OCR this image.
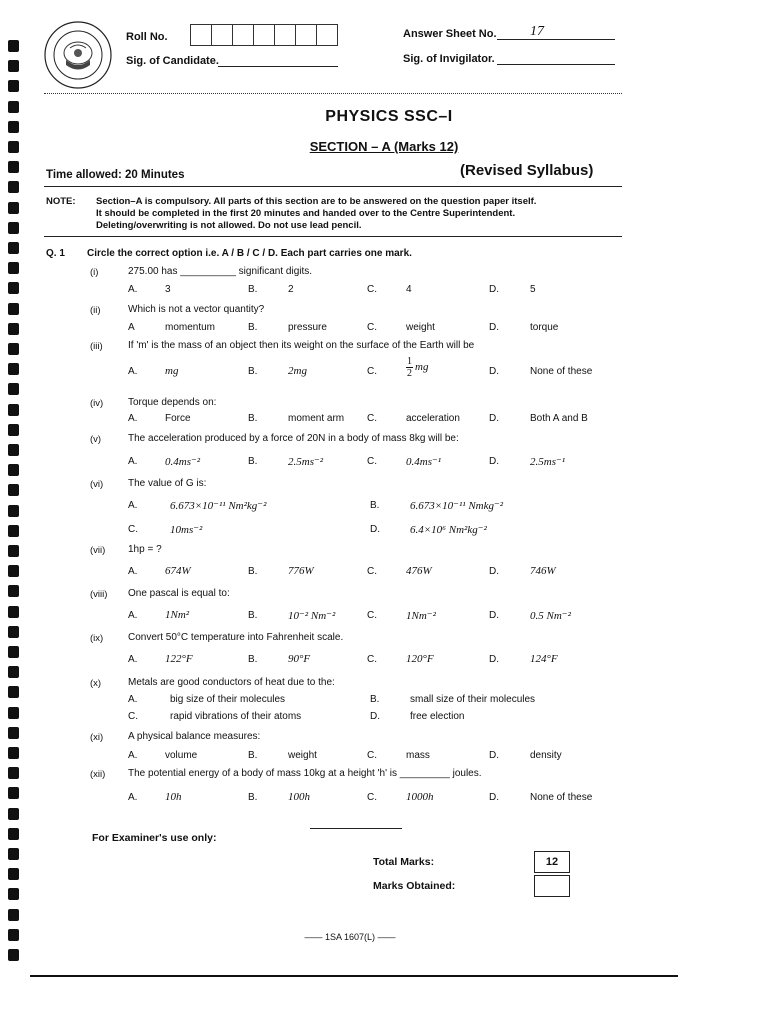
Roll No.
Sig. of Candidate.
Answer Sheet No. 17
Sig. of Invigilator.
PHYSICS SSC–I
SECTION – A (Marks 12)
Time allowed: 20 Minutes	(Revised Syllabus)
NOTE: Section–A is compulsory. All parts of this section are to be answered on the question paper itself.
It should be completed in the first 20 minutes and handed over to the Centre Superintendent.
Deleting/overwriting is not allowed. Do not use lead pencil.
Q. 1 Circle the correct option i.e. A / B / C / D. Each part carries one mark.
(i)	275.00 has __________ significant digits.
A.	3	B.	2	C.	4	D.	5
(ii)	Which is not a vector quantity?
A	momentum	B.	pressure	C.	weight	D.	torque
(iii)	If 'm' is the mass of an object then its weight on the surface of the Earth will be
A.	mg	B.	2mg	C.	$\frac{1}{2}$ mg	D.	None of these
(iv) Torque depends on:
A.	Force	B.	moment arm C.	acceleration	D.	Both A and B
(v)	The acceleration produced by a force of 20N in a body of mass 8kg will be:
A.	0.4ms⁻²	B.	2.5ms⁻²	C.	0.4ms⁻¹	D.	2.5ms⁻¹
(vi) The value of G is:
A.	6.673×10⁻¹¹ Nm²kg⁻²	B.	6.673×10⁻¹¹ Nmkg⁻²
C.	10ms⁻²	D.	6.4×10⁶ Nm²kg⁻²
(vii) 1hp = ?
A.	674W	B.	776W	C.	476W	D.	746W
(viii) One pascal is equal to:
A.	1Nm²	B.	10⁻² Nm⁻²	C.	1Nm⁻²	D.	0.5 Nm⁻²
(ix) Convert 50°C temperature into Fahrenheit scale.
A.	122°F	B.	90°F	C.	120°F	D.	124°F
(x)	Metals are good conductors of heat due to the:
A.	big size of their molecules	B.	small size of their molecules
C.	rapid vibrations of their atoms	D.	free election
(xi) A physical balance measures:
A.	volume	B.	weight	C.	mass	D.	density
(xii) The potential energy of a body of mass 10kg at a height 'h' is _________ joules.
A.	10h	B.	100h	C.	1000h	D.	None of these
For Examiner's use only:
Total Marks:	12
Marks Obtained:
—— 1SA 1607(L) ——
